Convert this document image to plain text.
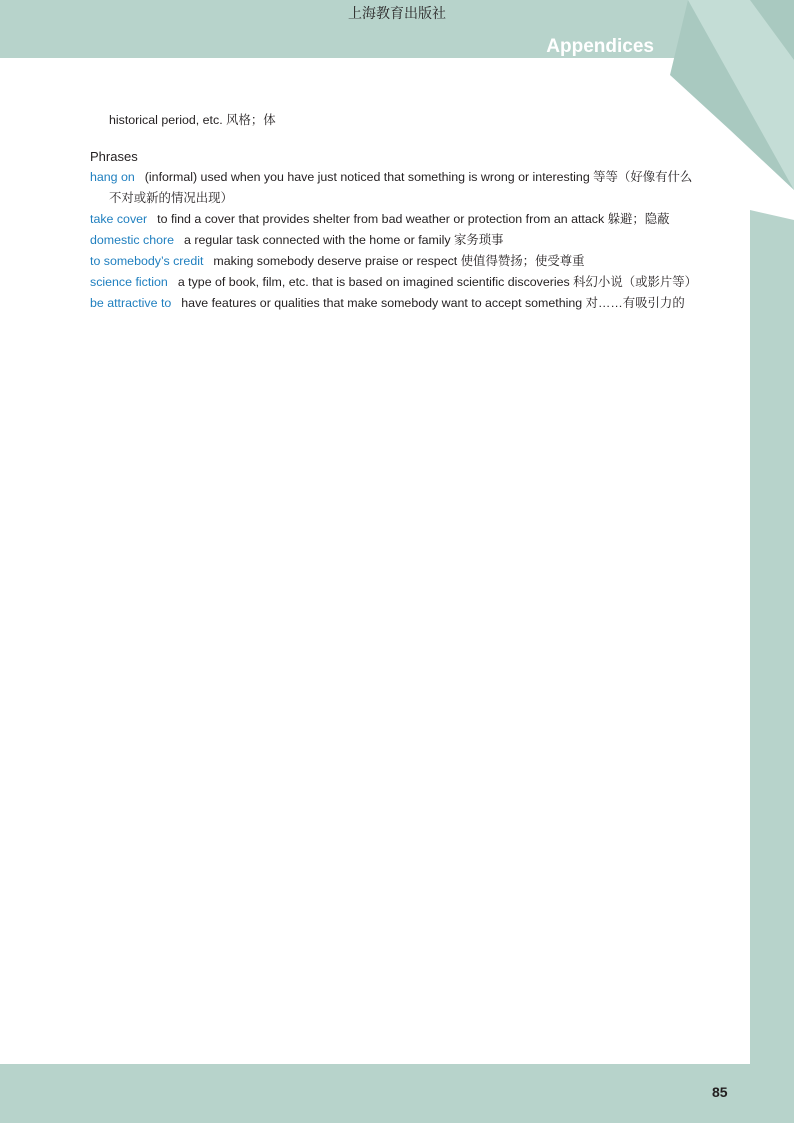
上海教育出版社
Appendices
historical period, etc. 风格；体
Phrases
hang on (informal) used when you have just noticed that something is wrong or interesting 等等（好像有什么
不对或新的情况出现）
take cover to find a cover that provides shelter from bad weather or protection from an attack 躲避；隐蔽
domestic chore a regular task connected with the home or family 家务琐事
to somebody’s credit making somebody deserve praise or respect 使值得赞扬；使受尊重
science fiction a type of book, film, etc. that is based on imagined scientific discoveries 科幻小说（或影片等）
be attractive to have features or qualities that make somebody want to accept something 对……有吸引力的
85
